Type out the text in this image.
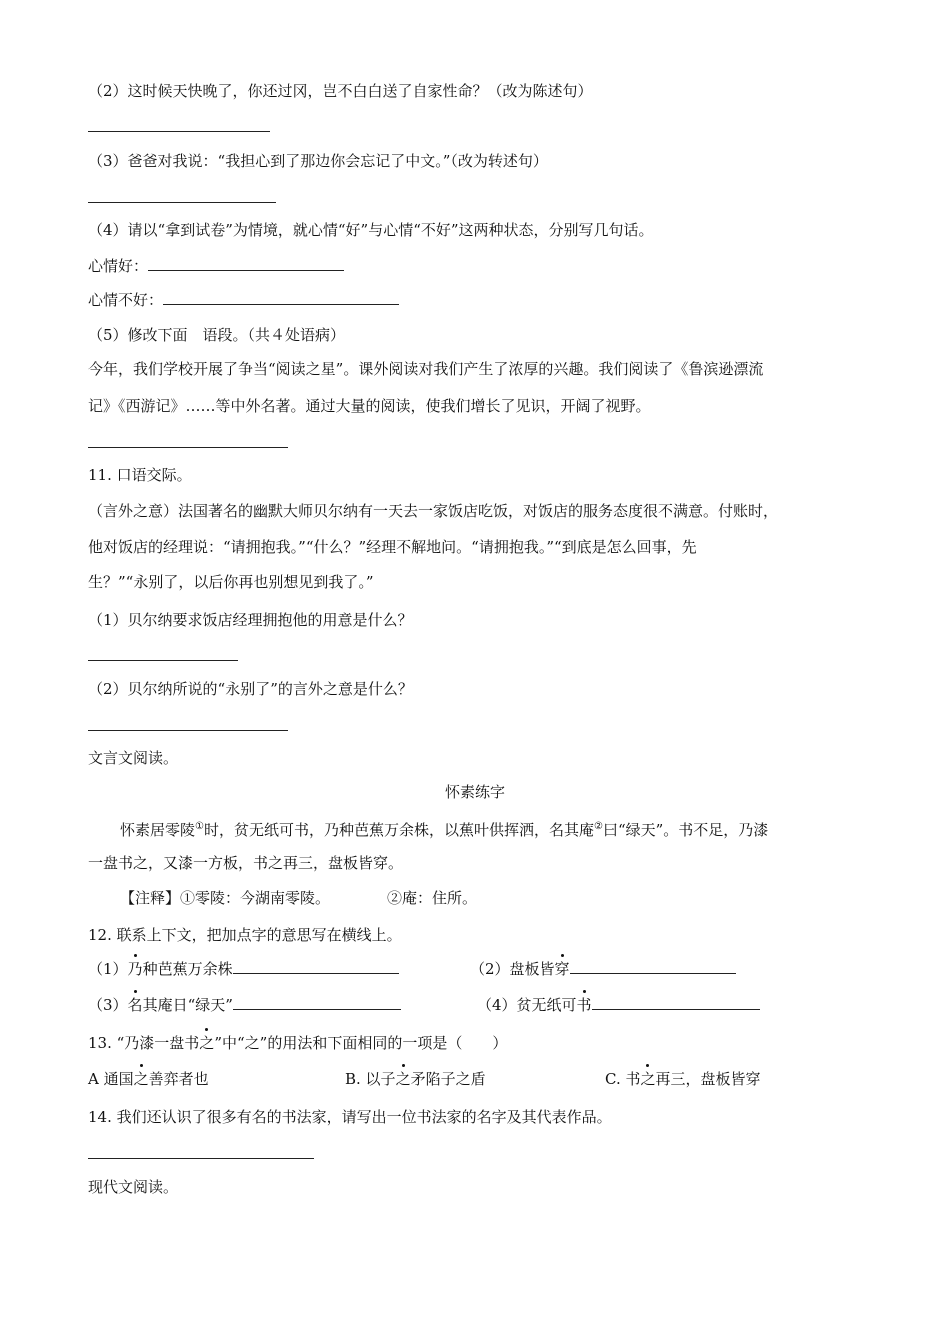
（2）这时候天快晚了，你还过冈，岂不白白送了自家性命？（改为陈述句）
（3）爸爸对我说：“我担心到了那边你会忘记了中文。”（改为转述句）
（4）请以“拿到试卷”为情境，就心情“好”与心情“不好”这两种状态，分别写几句话。
心情好：
心情不好：
（5）修改下面　语段。（共４处语病）
今年，我们学校开展了争当“阅读之星”。课外阅读对我们产生了浓厚的兴趣。我们阅读了《鲁滨逊漂流
记》《西游记》……等中外名著。通过大量的阅读，使我们增长了见识，开阔了视野。
11. 口语交际。
（言外之意）法国著名的幽默大师贝尔纳有一天去一家饭店吃饭，对饭店的服务态度很不满意。付账时，
他对饭店的经理说：“请拥抱我。”“什么？”经理不解地问。“请拥抱我。”“到底是怎么回事，先
生？”“永别了，以后你再也别想见到我了。”
（1）贝尔纳要求饭店经理拥抱他的用意是什么？
（2）贝尔纳所说的“永别了”的言外之意是什么？
文言文阅读。
怀素练字
怀素居零陵①时，贫无纸可书，乃种芭蕉万余株，以蕉叶供挥洒，名其庵②曰“绿天”。书不足，乃漆
一盘书之，又漆一方板，书之再三，盘板皆穿。
【注释】①零陵：今湖南零陵。	②庵：住所。
12. 联系上下文，把加点字的意思写在横线上。
（1）乃种芭蕉万余株	（2）盘板皆穿
（3）名其庵日“绿天”	（4）贫无纸可书
13. “乃漆一盘书之”中“之”的用法和下面相同的一项是（　　）
A 通国之善弈者也	B. 以子之矛陷子之盾	C. 书之再三，盘板皆穿
14. 我们还认识了很多有名的书法家，请写出一位书法家的名字及其代表作品。
现代文阅读。
